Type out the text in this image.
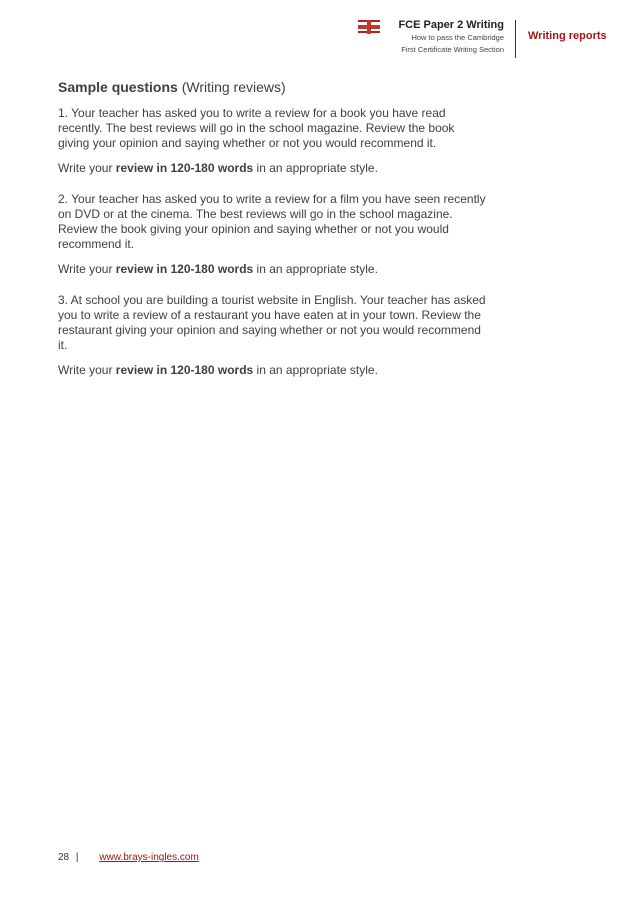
FCE Paper 2 Writing
How to pass the Cambridge
First Certificate Writing Section
Writing reports
Sample questions (Writing reviews)

1. Your teacher has asked you to write a review for a book you have read recently. The best reviews will go in the school magazine. Review the book giving your opinion and saying whether or not you would recommend it.

Write your review in 120-180 words in an appropriate style.

2. Your teacher has asked you to write a review for a film you have seen recently on DVD or at the cinema. The best reviews will go in the school magazine. Review the book giving your opinion and saying whether or not you would recommend it.

Write your review in 120-180 words in an appropriate style.

3. At school you are building a tourist website in English. Your teacher has asked you to write a review of a restaurant you have eaten at in your town. Review the restaurant giving your opinion and saying whether or not you would recommend it.

Write your review in 120-180 words in an appropriate style.

28 | www.brays-ingles.com
